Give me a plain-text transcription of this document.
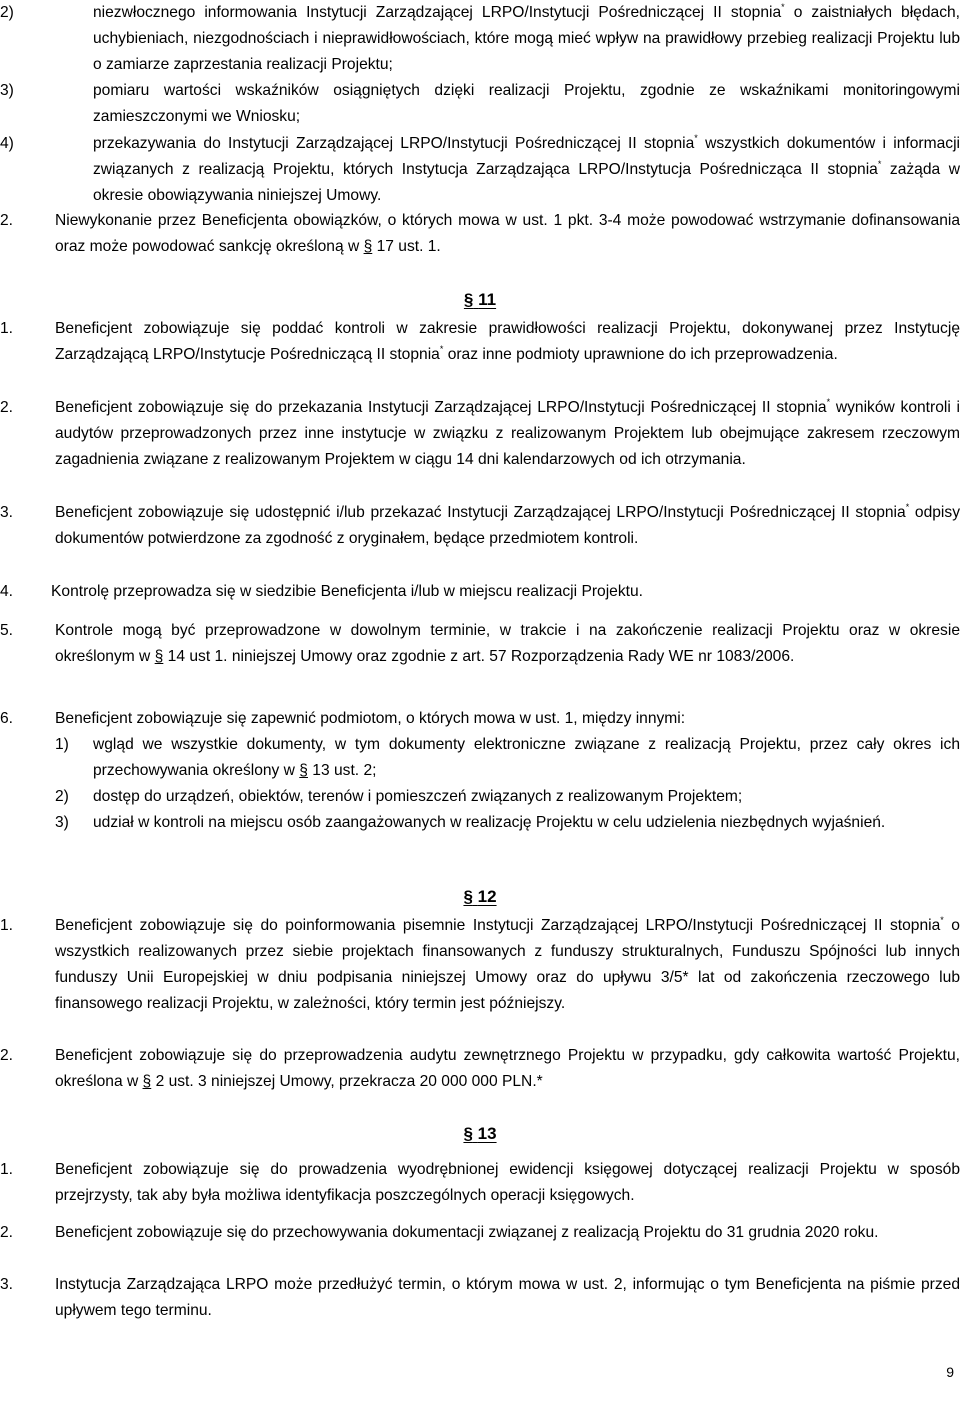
2)	niezwłocznego informowania Instytucji Zarządzającej LRPO/Instytucji Pośredniczącej II stopnia* o zaistniałych błędach, uchybieniach, niezgodnościach i nieprawidłowościach, które mogą mieć wpływ na prawidłowy przebieg realizacji Projektu lub o zamiarze zaprzestania realizacji Projektu;
3)	pomiaru wartości wskaźników osiągniętych dzięki realizacji Projektu, zgodnie ze wskaźnikami monitoringowymi zamieszczonymi we Wniosku;
4)	przekazywania do Instytucji Zarządzającej LRPO/Instytucji Pośredniczącej II stopnia* wszystkich dokumentów i informacji związanych z realizacją Projektu, których Instytucja Zarządzająca LRPO/Instytucja Pośrednicząca II stopnia* zażąda w okresie obowiązywania niniejszej Umowy.
2.	Niewykonanie przez Beneficjenta obowiązków, o których mowa w ust. 1 pkt. 3-4 może powodować wstrzymanie dofinansowania oraz może powodować sankcję określoną w § 17 ust. 1.
§ 11
1.	Beneficjent zobowiązuje się poddać kontroli w zakresie prawidłowości realizacji Projektu, dokonywanej przez Instytucję Zarządzającą LRPO/Instytucje Pośredniczącą II stopnia* oraz inne podmioty uprawnione do ich przeprowadzenia.
2.	Beneficjent zobowiązuje się do przekazania Instytucji Zarządzającej LRPO/Instytucji Pośredniczącej II stopnia* wyników kontroli i audytów przeprowadzonych przez inne instytucje w związku z realizowanym Projektem lub obejmujące zakresem rzeczowym zagadnienia związane z realizowanym Projektem w ciągu 14 dni kalendarzowych od ich otrzymania.
3.	Beneficjent zobowiązuje się udostępnić i/lub przekazać Instytucji Zarządzającej LRPO/Instytucji Pośredniczącej II stopnia* odpisy dokumentów potwierdzone za zgodność z oryginałem, będące przedmiotem kontroli.
4.	Kontrolę przeprowadza się w siedzibie Beneficjenta i/lub w miejscu realizacji Projektu.
5.	Kontrole mogą być przeprowadzone w dowolnym terminie, w trakcie i na zakończenie realizacji Projektu oraz w okresie określonym w § 14 ust 1. niniejszej Umowy oraz zgodnie z art. 57 Rozporządzenia Rady WE nr 1083/2006.
6.	Beneficjent zobowiązuje się zapewnić podmiotom, o których mowa w ust. 1, między innymi:
1)	wgląd we wszystkie dokumenty, w tym dokumenty elektroniczne związane z realizacją Projektu, przez cały okres ich przechowywania określony w § 13 ust. 2;
2)	dostęp do urządzeń, obiektów, terenów i pomieszczeń związanych z realizowanym Projektem;
3)	udział w kontroli na miejscu osób zaangażowanych w realizację Projektu w celu udzielenia niezbędnych wyjaśnień.
§ 12
1.	Beneficjent zobowiązuje się do poinformowania pisemnie Instytucji Zarządzającej LRPO/Instytucji Pośredniczącej II stopnia* o wszystkich realizowanych przez siebie projektach finansowanych z funduszy strukturalnych, Funduszu Spójności lub innych funduszy Unii Europejskiej w dniu podpisania niniejszej Umowy oraz do upływu 3/5* lat od zakończenia rzeczowego lub finansowego realizacji Projektu, w zależności, który termin jest późniejszy.
2.	Beneficjent zobowiązuje się do przeprowadzenia audytu zewnętrznego Projektu w przypadku, gdy całkowita wartość Projektu, określona w § 2 ust. 3 niniejszej Umowy, przekracza 20 000 000 PLN.*
§ 13
1.	Beneficjent zobowiązuje się do prowadzenia wyodrębnionej ewidencji księgowej dotyczącej realizacji Projektu w sposób przejrzysty, tak aby była możliwa identyfikacja poszczególnych operacji księgowych.
2.	Beneficjent zobowiązuje się do przechowywania dokumentacji związanej z realizacją Projektu do 31 grudnia 2020 roku.
3.	Instytucja Zarządzająca LRPO może przedłużyć termin, o którym mowa w ust. 2, informując o tym Beneficjenta na piśmie przed upływem tego terminu.
9
